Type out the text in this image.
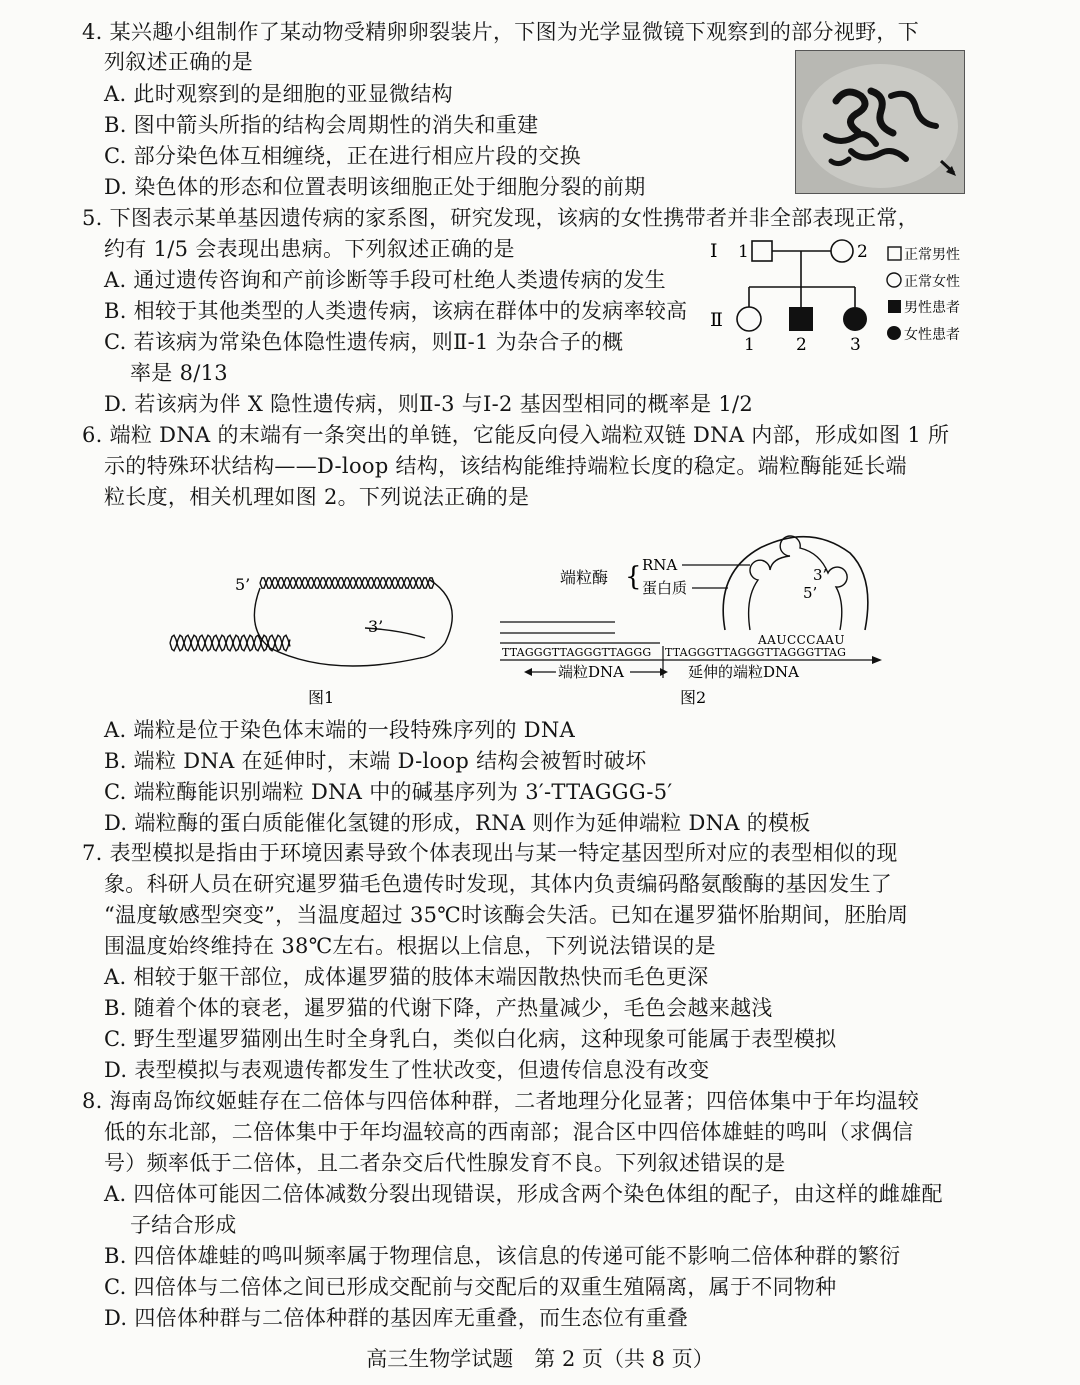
4. 某兴趣小组制作了某动物受精卵卵裂装片，下图为光学显微镜下观察到的部分视野，下
列叙述正确的是
A. 此时观察到的是细胞的亚显微结构
B. 图中箭头所指的结构会周期性的消失和重建
C. 部分染色体互相缠绕，正在进行相应片段的交换
D. 染色体的形态和位置表明该细胞正处于细胞分裂的前期
5. 下图表示某单基因遗传病的家系图，研究发现，该病的女性携带者并非全部表现正常，
约有 1/5 会表现出患病。下列叙述正确的是
A. 通过遗传咨询和产前诊断等手段可杜绝人类遗传病的发生
B. 相较于其他类型的人类遗传病，该病在群体中的发病率较高
C. 若该病为常染色体隐性遗传病，则Ⅱ-1 为杂合子的概
率是 8/13
D. 若该病为伴 X 隐性遗传病，则Ⅱ-3 与Ⅰ-2 基因型相同的概率是 1/2
Ⅰ 1	2
Ⅱ
1 2	3
正常男性
正常女性
男性患者
女性患者
6. 端粒 DNA 的末端有一条突出的单链，它能反向侵入端粒双链 DNA 内部，形成如图 1 所
示的特殊环状结构——D-loop 结构，该结构能维持端粒长度的稳定。端粒酶能延长端
粒长度，相关机理如图 2。下列说法正确的是
5’
3’
图1
端粒酶 { RNA
蛋白质
3’
5’
AAUCCCAAU
TTAGGGTTAGGGTTAGGG TTAGGGTTAGGGTTAGGGTTAG
端粒DNA	延伸的端粒DNA
图2
A. 端粒是位于染色体末端的一段特殊序列的 DNA
B. 端粒 DNA 在延伸时，末端 D-loop 结构会被暂时破坏
C. 端粒酶能识别端粒 DNA 中的碱基序列为 3′-TTAGGG-5′
D. 端粒酶的蛋白质能催化氢键的形成，RNA 则作为延伸端粒 DNA 的模板
7. 表型模拟是指由于环境因素导致个体表现出与某一特定基因型所对应的表型相似的现
象。科研人员在研究暹罗猫毛色遗传时发现，其体内负责编码酪氨酸酶的基因发生了
“温度敏感型突变”，当温度超过 35℃时该酶会失活。已知在暹罗猫怀胎期间，胚胎周
围温度始终维持在 38℃左右。根据以上信息，下列说法错误的是
A. 相较于躯干部位，成体暹罗猫的肢体末端因散热快而毛色更深
B. 随着个体的衰老，暹罗猫的代谢下降，产热量减少，毛色会越来越浅
C. 野生型暹罗猫刚出生时全身乳白，类似白化病，这种现象可能属于表型模拟
D. 表型模拟与表观遗传都发生了性状改变，但遗传信息没有改变
8. 海南岛饰纹姬蛙存在二倍体与四倍体种群，二者地理分化显著；四倍体集中于年均温较
低的东北部，二倍体集中于年均温较高的西南部；混合区中四倍体雄蛙的鸣叫（求偶信
号）频率低于二倍体，且二者杂交后代性腺发育不良。下列叙述错误的是
A. 四倍体可能因二倍体减数分裂出现错误，形成含两个染色体组的配子，由这样的雌雄配
子结合形成
B. 四倍体雄蛙的鸣叫频率属于物理信息，该信息的传递可能不影响二倍体种群的繁衍
C. 四倍体与二倍体之间已形成交配前与交配后的双重生殖隔离，属于不同物种
D. 四倍体种群与二倍体种群的基因库无重叠，而生态位有重叠
高三生物学试题　第 2 页（共 8 页）
